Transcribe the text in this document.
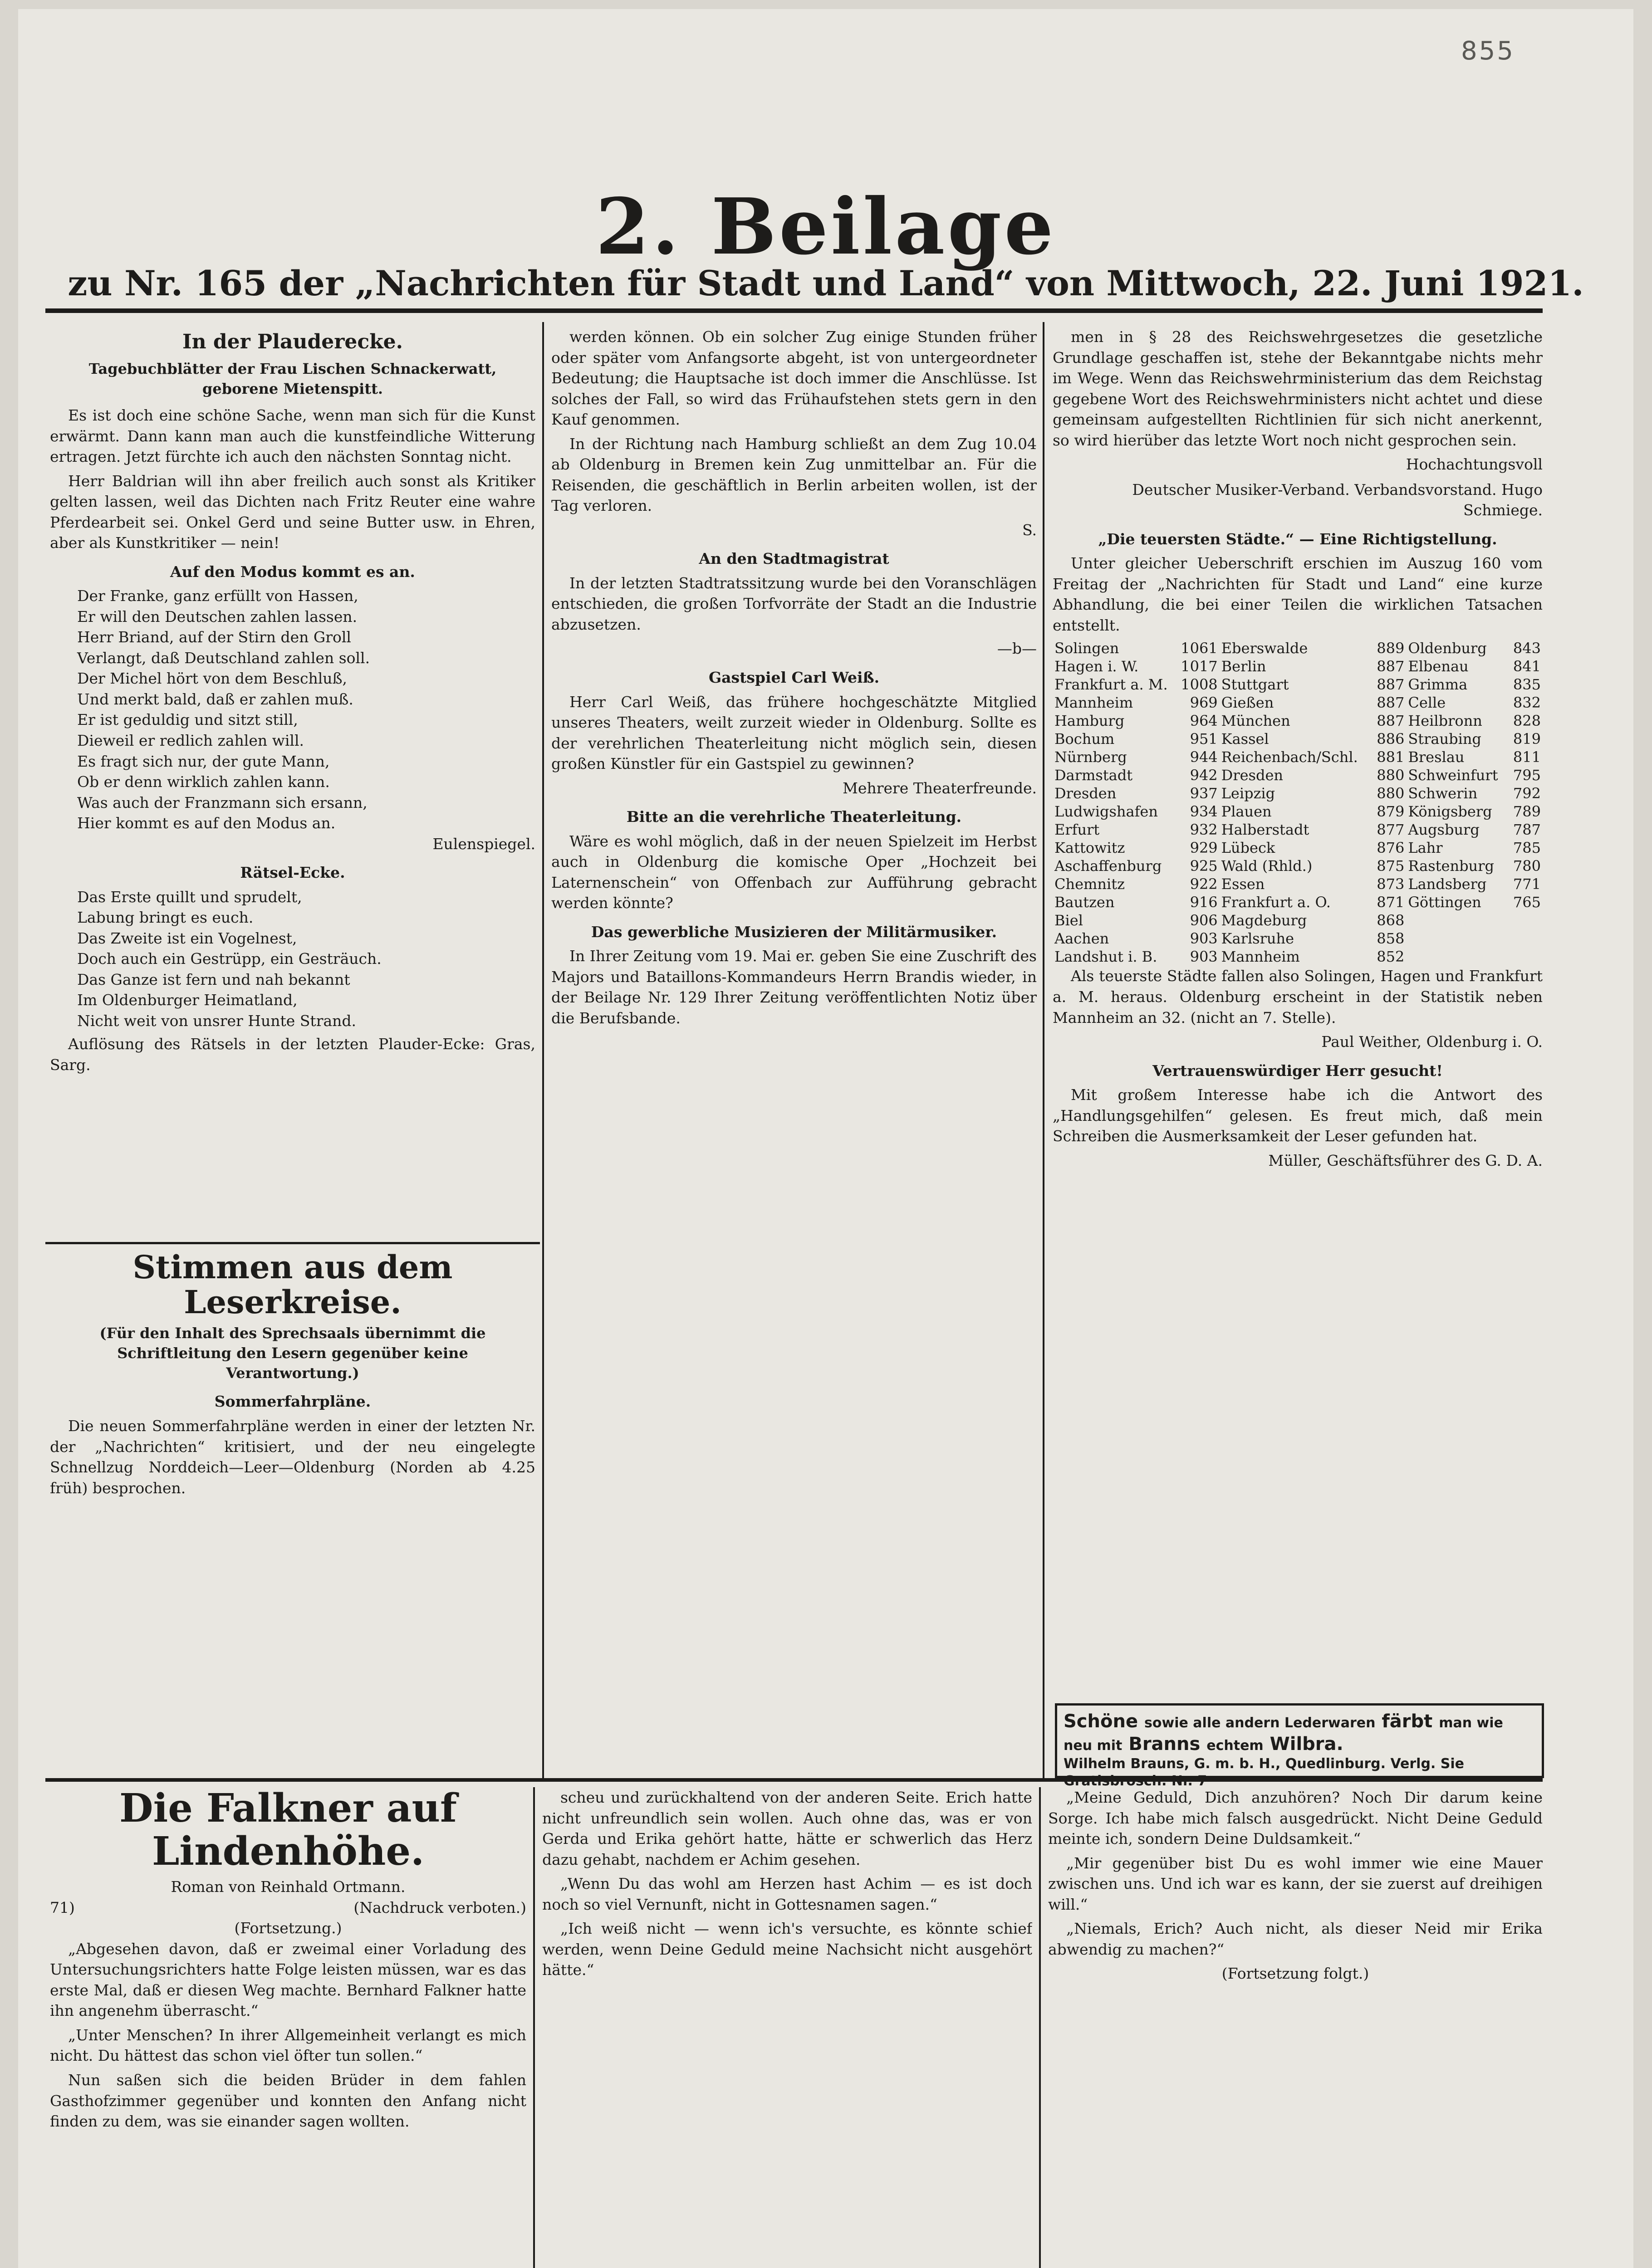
855
2. Beilage
zu Nr. 165 der „Nachrichten für Stadt und Land“ von Mittwoch, 22. Juni 1921.
In der Plauderecke.
Tagebuchblätter der Frau Lischen Schnackerwatt, geborene Mietenspitt.

Es ist doch eine schöne Sache, wenn man sich für die Kunst erwärmt. Dann kann man auch die kunstfeindliche Witterung ertragen. Jetzt fürchte ich auch den nächsten Sonntag nicht.

Herr Baldrian will ihn aber freilich auch sonst als Kritiker gelten lassen, weil das Dichten nach Fritz Reuter eine wahre Pferdearbeit sei. Onkel Gerd und seine Butter usw. in Ehren, aber als Kunstkritiker — nein!

Auf den Modus kommt es an.
Der Franke, ganz erfüllt von Hassen,
Er will den Deutschen zahlen lassen.
Herr Briand, auf der Stirn den Groll
Verlangt, daß Deutschland zahlen soll.
Der Michel hört von dem Beschluß,
Und merkt bald, daß er zahlen muß.
Er ist geduldig und sitzt still,
Dieweil er redlich zahlen will.
Es fragt sich nur, der gute Mann,
Ob er denn wirklich zahlen kann.
Was auch der Franzmann sich ersann,
Hier kommt es auf den Modus an.
Eulenspiegel.
Rätsel-Ecke.
Das Erste quillt und sprudelt,
Labung bringt es euch.
Das Zweite ist ein Vogelnest,
Doch auch ein Gestrüpp, ein Gesträuch.
Das Ganze ist fern und nah bekannt
Im Oldenburger Heimatland,
Nicht weit von unsrer Hunte Strand.

Auflösung des Rätsels in der letzten Plauder-Ecke: Gras, Sarg.

Stimmen aus dem Leserkreise.
(Für den Inhalt des Sprechsaals übernimmt die Schriftleitung den Lesern gegenüber keine Verantwortung.)
Sommerfahrpläne.

Die neuen Sommerfahrpläne werden in einer der letzten Nr. der „Nachrichten“ kritisiert, und der neu eingelegte Schnellzug Norddeich—Leer—Oldenburg (Norden ab 4.25 früh) besprochen.

werden können. Ob ein solcher Zug einige Stunden früher oder später vom Anfangsorte abgeht, ist von untergeordneter Bedeutung; die Hauptsache ist doch immer die Anschlüsse. Ist solches der Fall, so wird das Frühaufstehen stets gern in den Kauf genommen.

In der Richtung nach Hamburg schließt an dem Zug 10.04 ab Oldenburg in Bremen kein Zug unmittelbar an. Für die Reisenden, die geschäftlich in Berlin arbeiten wollen, ist der Tag verloren.

S.
An den Stadtmagistrat

In der letzten Stadtratssitzung wurde bei den Voranschlägen entschieden, die großen Torfvorräte der Stadt an die Industrie abzusetzen.

—b—
Gastspiel Carl Weiß.

Herr Carl Weiß, das frühere hochgeschätzte Mitglied unseres Theaters, weilt zurzeit wieder in Oldenburg. Sollte es der verehrlichen Theaterleitung nicht möglich sein, diesen großen Künstler für ein Gastspiel zu gewinnen?

Mehrere Theaterfreunde.
Bitte an die verehrliche Theaterleitung.

Wäre es wohl möglich, daß in der neuen Spielzeit im Herbst auch in Oldenburg die komische Oper „Hochzeit bei Laternenschein“ von Offenbach zur Aufführung gebracht werden könnte?

Das gewerbliche Musizieren der Militärmusiker.

In Ihrer Zeitung vom 19. Mai er. geben Sie eine Zuschrift des Majors und Bataillons-Kommandeurs Herrn Brandis wieder, in der Beilage Nr. 129 Ihrer Zeitung veröffentlichten Notiz über die Berufsbande.

men in § 28 des Reichswehrgesetzes die gesetzliche Grundlage geschaffen ist, stehe der Bekanntgabe nichts mehr im Wege. Wenn das Reichswehrministerium das dem Reichstag gegebene Wort des Reichswehrministers nicht achtet und diese gemeinsam aufgestellten Richtlinien für sich nicht anerkennt, so wird hierüber das letzte Wort noch nicht gesprochen sein.

Hochachtungsvoll
Deutscher Musiker-Verband. Verbandsvorstand. Hugo Schmiege.
„Die teuersten Städte.“ — Eine Richtigstellung.

Unter gleicher Ueberschrift erschien im Auszug 160 vom Freitag der „Nachrichten für Stadt und Land“ eine kurze Abhandlung, die bei einer Teilen die wirklichen Tatsachen entstellt.

Solingen	1061	Eberswalde	889	Oldenburg	843
Hagen i. W.	1017	Berlin	887	Elbenau	841
Frankfurt a. M.	1008	Stuttgart	887	Grimma	835
Mannheim	969	Gießen	887	Celle	832
Hamburg	964	München	887	Heilbronn	828
Bochum	951	Kassel	886	Straubing	819
Nürnberg	944	Reichenbach/Schl.	881	Breslau	811
Darmstadt	942	Dresden	880	Schweinfurt	795
Dresden	937	Leipzig	880	Schwerin	792
Ludwigshafen	934	Plauen	879	Königsberg	789
Erfurt	932	Halberstadt	877	Augsburg	787
Kattowitz	929	Lübeck	876	Lahr	785
Aschaffenburg	925	Wald (Rhld.)	875	Rastenburg	780
Chemnitz	922	Essen	873	Landsberg	771
Bautzen	916	Frankfurt a. O.	871	Göttingen	765
Biel	906	Magdeburg	868		
Aachen	903	Karlsruhe	858		
Landshut i. B.	903	Mannheim	852		

Als teuerste Städte fallen also Solingen, Hagen und Frankfurt a. M. heraus. Oldenburg erscheint in der Statistik neben Mannheim an 32. (nicht an 7. Stelle).

Paul Weither, Oldenburg i. O.
Vertrauenswürdiger Herr gesucht!

Mit großem Interesse habe ich die Antwort des „Handlungsgehilfen“ gelesen. Es freut mich, daß mein Schreiben die Ausmerksamkeit der Leser gefunden hat.

Müller, Geschäftsführer des G. D. A.
Schöne sowie alle andern Lederwaren färbt man wie neu mit Branns echtem Wilbra.
Wilhelm Brauns, G. m. b. H., Quedlinburg. Verlg. Sie Gratisbrosch. Nr. 7
Die Falkner auf Lindenhöhe.
Roman von Reinhald Ortmann.
71)	(Nachdruck verboten.)
(Fortsetzung.)

„Abgesehen davon, daß er zweimal einer Vorladung des Untersuchungsrichters hatte Folge leisten müssen, war es das erste Mal, daß er diesen Weg machte. Bernhard Falkner hatte ihn angenehm überrascht.“

„Unter Menschen? In ihrer Allgemeinheit verlangt es mich nicht. Du hättest das schon viel öfter tun sollen.“

Nun saßen sich die beiden Brüder in dem fahlen Gasthofzimmer gegenüber und konnten den Anfang nicht finden zu dem, was sie einander sagen wollten.

scheu und zurückhaltend von der anderen Seite. Erich hatte nicht unfreundlich sein wollen. Auch ohne das, was er von Gerda und Erika gehört hatte, hätte er schwerlich das Herz dazu gehabt, nachdem er Achim gesehen.

„Wenn Du das wohl am Herzen hast Achim — es ist doch noch so viel Vernunft, nicht in Gottesnamen sagen.“

„Ich weiß nicht — wenn ich's versuchte, es könnte schief werden, wenn Deine Geduld meine Nachsicht nicht ausgehört hätte.“

„Meine Geduld, Dich anzuhören? Noch Dir darum keine Sorge. Ich habe mich falsch ausgedrückt. Nicht Deine Geduld meinte ich, sondern Deine Duldsamkeit.“

„Mir gegenüber bist Du es wohl immer wie eine Mauer zwischen uns. Und ich war es kann, der sie zuerst auf dreihigen will.“

„Niemals, Erich? Auch nicht, als dieser Neid mir Erika abwendig zu machen?“

(Fortsetzung folgt.)
